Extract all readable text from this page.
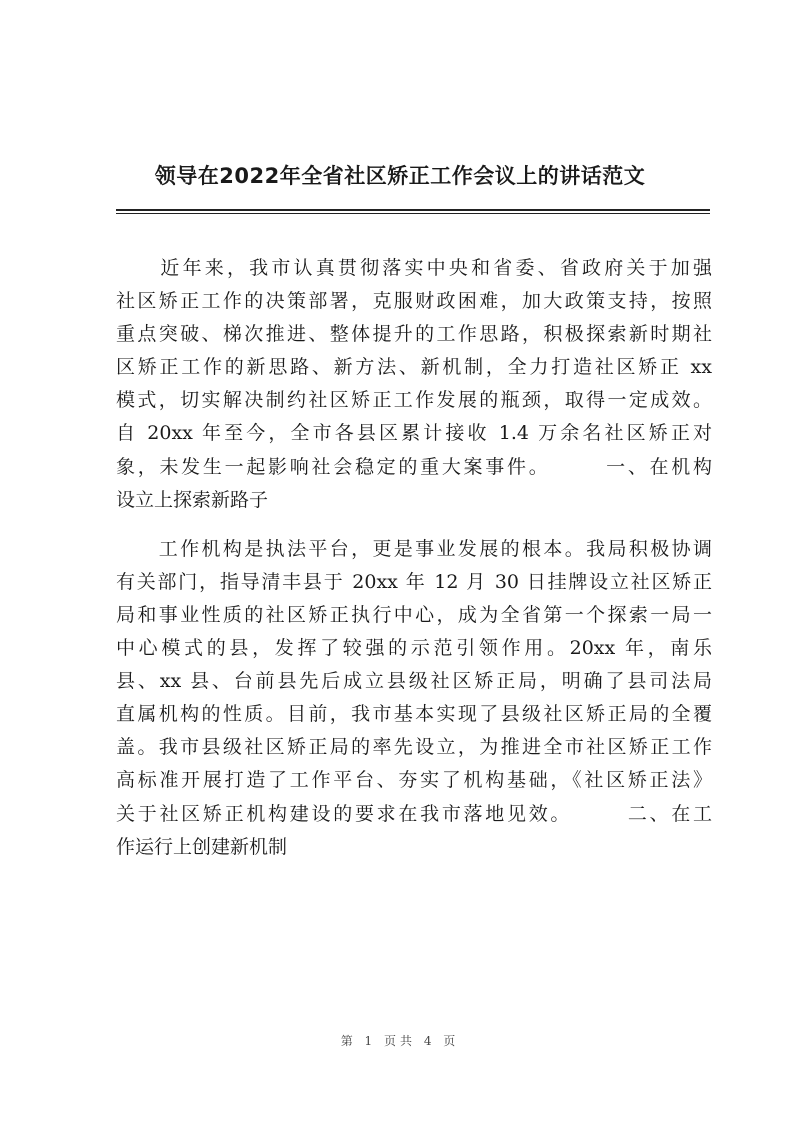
领导在2022年全省社区矫正工作会议上的讲话范文
　　近年来，我市认真贯彻落实中央和省委、省政府关于加强
社区矫正工作的决策部署，克服财政困难，加大政策支持，按照
重点突破、梯次推进、整体提升的工作思路，积极探索新时期社
区矫正工作的新思路、新方法、新机制，全力打造社区矫正 xx
模式，切实解决制约社区矫正工作发展的瓶颈，取得一定成效。
自 20xx 年至今，全市各县区累计接收 1.4 万余名社区矫正对
象，未发生一起影响社会稳定的重大案事件。　　　一、在机构
设立上探索新路子
　　工作机构是执法平台，更是事业发展的根本。我局积极协调
有关部门，指导清丰县于 20xx 年 12 月 30 日挂牌设立社区矫正
局和事业性质的社区矫正执行中心，成为全省第一个探索一局一
中心模式的县，发挥了较强的示范引领作用。20xx 年，南乐
县、xx 县、台前县先后成立县级社区矫正局，明确了县司法局
直属机构的性质。目前，我市基本实现了县级社区矫正局的全覆
盖。我市县级社区矫正局的率先设立，为推进全市社区矫正工作
高标准开展打造了工作平台、夯实了机构基础，《社区矫正法》
关于社区矫正机构建设的要求在我市落地见效。　　　二、在工
作运行上创建新机制
第 1 页共 4 页
